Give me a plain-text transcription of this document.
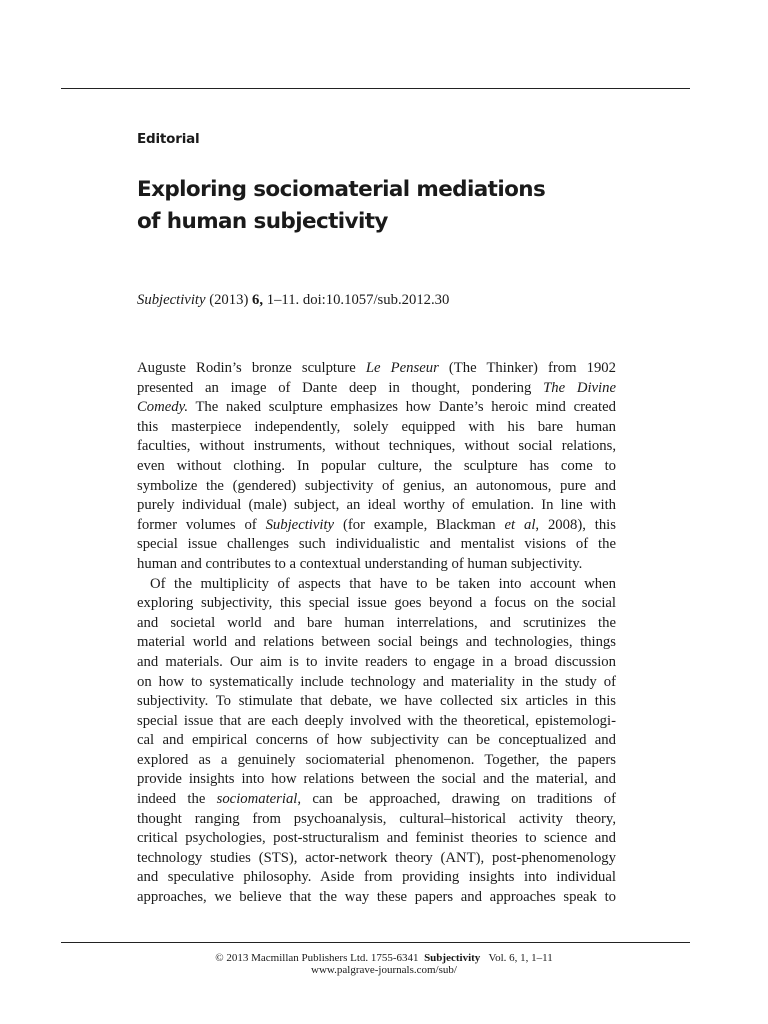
Editorial
Exploring sociomaterial mediations
of human subjectivity
Subjectivity (2013) 6, 1–11. doi:10.1057/sub.2012.30
Auguste Rodin’s bronze sculpture Le Penseur (The Thinker) from 1902
presented an image of Dante deep in thought, pondering The Divine
Comedy. The naked sculpture emphasizes how Dante’s heroic mind created
this masterpiece independently, solely equipped with his bare human
faculties, without instruments, without techniques, without social relations,
even without clothing. In popular culture, the sculpture has come to
symbolize the (gendered) subjectivity of genius, an autonomous, pure and
purely individual (male) subject, an ideal worthy of emulation. In line with
former volumes of Subjectivity (for example, Blackman et al, 2008), this
special issue challenges such individualistic and mentalist visions of the
human and contributes to a contextual understanding of human subjectivity.
Of the multiplicity of aspects that have to be taken into account when
exploring subjectivity, this special issue goes beyond a focus on the social
and societal world and bare human interrelations, and scrutinizes the
material world and relations between social beings and technologies, things
and materials. Our aim is to invite readers to engage in a broad discussion
on how to systematically include technology and materiality in the study of
subjectivity. To stimulate that debate, we have collected six articles in this
special issue that are each deeply involved with the theoretical, epistemologi-
cal and empirical concerns of how subjectivity can be conceptualized and
explored as a genuinely sociomaterial phenomenon. Together, the papers
provide insights into how relations between the social and the material, and
indeed the sociomaterial, can be approached, drawing on traditions of
thought ranging from psychoanalysis, cultural–historical activity theory,
critical psychologies, post-structuralism and feminist theories to science and
technology studies (STS), actor-network theory (ANT), post-phenomenology
and speculative philosophy. Aside from providing insights into individual
approaches, we believe that the way these papers and approaches speak to
© 2013 Macmillan Publishers Ltd. 1755-6341 Subjectivity Vol. 6, 1, 1–11
www.palgrave-journals.com/sub/
